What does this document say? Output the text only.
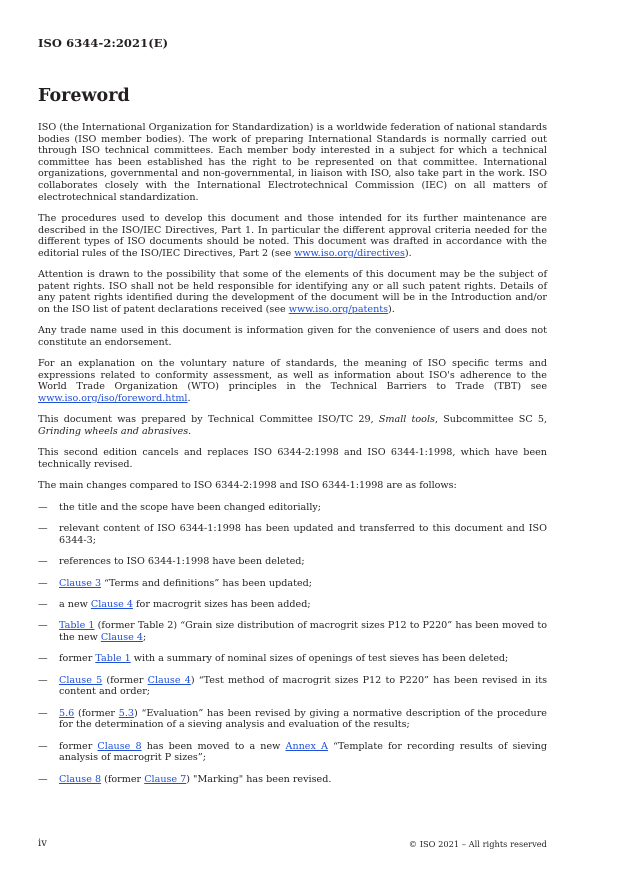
ISO 6344-2:2021(E)
Foreword

ISO (the International Organization for Standardization) is a worldwide federation of national standards bodies (ISO member bodies). The work of preparing International Standards is normally carried out through ISO technical committees. Each member body interested in a subject for which a technical committee has been established has the right to be represented on that committee. International organizations, governmental and non-governmental, in liaison with ISO, also take part in the work. ISO collaborates closely with the International Electrotechnical Commission (IEC) on all matters of electrotechnical standardization.

The procedures used to develop this document and those intended for its further maintenance are described in the ISO/IEC Directives, Part 1. In particular the different approval criteria needed for the different types of ISO documents should be noted. This document was drafted in accordance with the editorial rules of the ISO/IEC Directives, Part 2 (see www.iso.org/directives).

Attention is drawn to the possibility that some of the elements of this document may be the subject of patent rights. ISO shall not be held responsible for identifying any or all such patent rights. Details of any patent rights identified during the development of the document will be in the Introduction and/or on the ISO list of patent declarations received (see www.iso.org/patents).

Any trade name used in this document is information given for the convenience of users and does not constitute an endorsement.

For an explanation on the voluntary nature of standards, the meaning of ISO specific terms and expressions related to conformity assessment, as well as information about ISO's adherence to the World Trade Organization (WTO) principles in the Technical Barriers to Trade (TBT) see www.iso.org/iso/foreword.html.

This document was prepared by Technical Committee ISO/TC 29, Small tools, Subcommittee SC 5, Grinding wheels and abrasives.

This second edition cancels and replaces ISO 6344-2:1998 and ISO 6344-1:1998, which have been technically revised.

The main changes compared to ISO 6344-2:1998 and ISO 6344-1:1998 are as follows:

— the title and the scope have been changed editorially;
— relevant content of ISO 6344-1:1998 has been updated and transferred to this document and ISO 6344-3;
— references to ISO 6344-1:1998 have been deleted;
— Clause 3 “Terms and definitions” has been updated;
— a new Clause 4 for macrogrit sizes has been added;
— Table 1 (former Table 2) “Grain size distribution of macrogrit sizes P12 to P220” has been moved to the new Clause 4;
— former Table 1 with a summary of nominal sizes of openings of test sieves has been deleted;
— Clause 5 (former Clause 4) “Test method of macrogrit sizes P12 to P220” has been revised in its content and order;
— 5.6 (former 5.3) “Evaluation” has been revised by giving a normative description of the procedure for the determination of a sieving analysis and evaluation of the results;
— former Clause 8 has been moved to a new Annex A “Template for recording results of sieving analysis of macrogrit P sizes”;
— Clause 8 (former Clause 7) "Marking" has been revised.
iv	© ISO 2021 – All rights reserved
